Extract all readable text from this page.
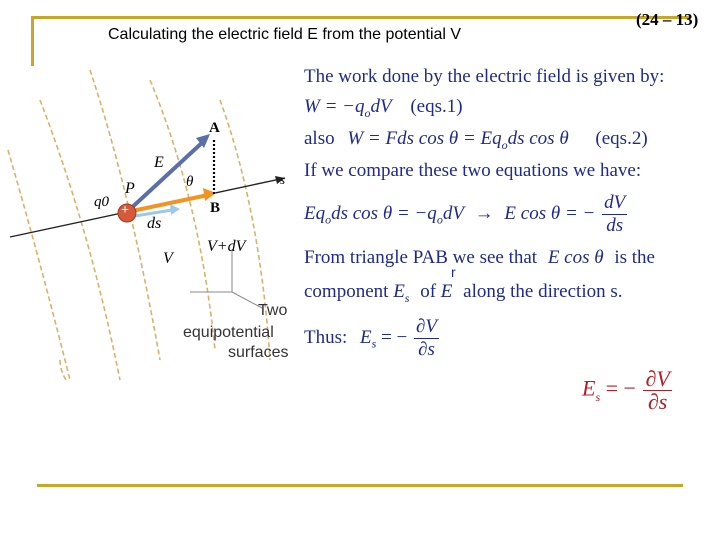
Calculating the electric field E from the potential V
(24 – 13)
A
B
P
q0
+
E
θ
ds
s
V
V+dV
Two
equipotential
surfaces
The work done by the electric field is given by:
$W = -q_odV$ (eqs.1)
also W = Fds $\cos \theta = Eq_ods$ cos θ (eqs.2)
If we compare these two equations we have:
$Eq_ods$ $\cos \theta = -q_odV \to E$ cos θ = − $\frac{dV}{ds}$
From triangle PAB we see that E cos θ is the
r
component $E_s$ of E along the direction s.
Thus: $E_s$ = − $\frac{\partial V}{\partial s}$
$E_s$ = − $\frac{\partial V}{\partial s}$
